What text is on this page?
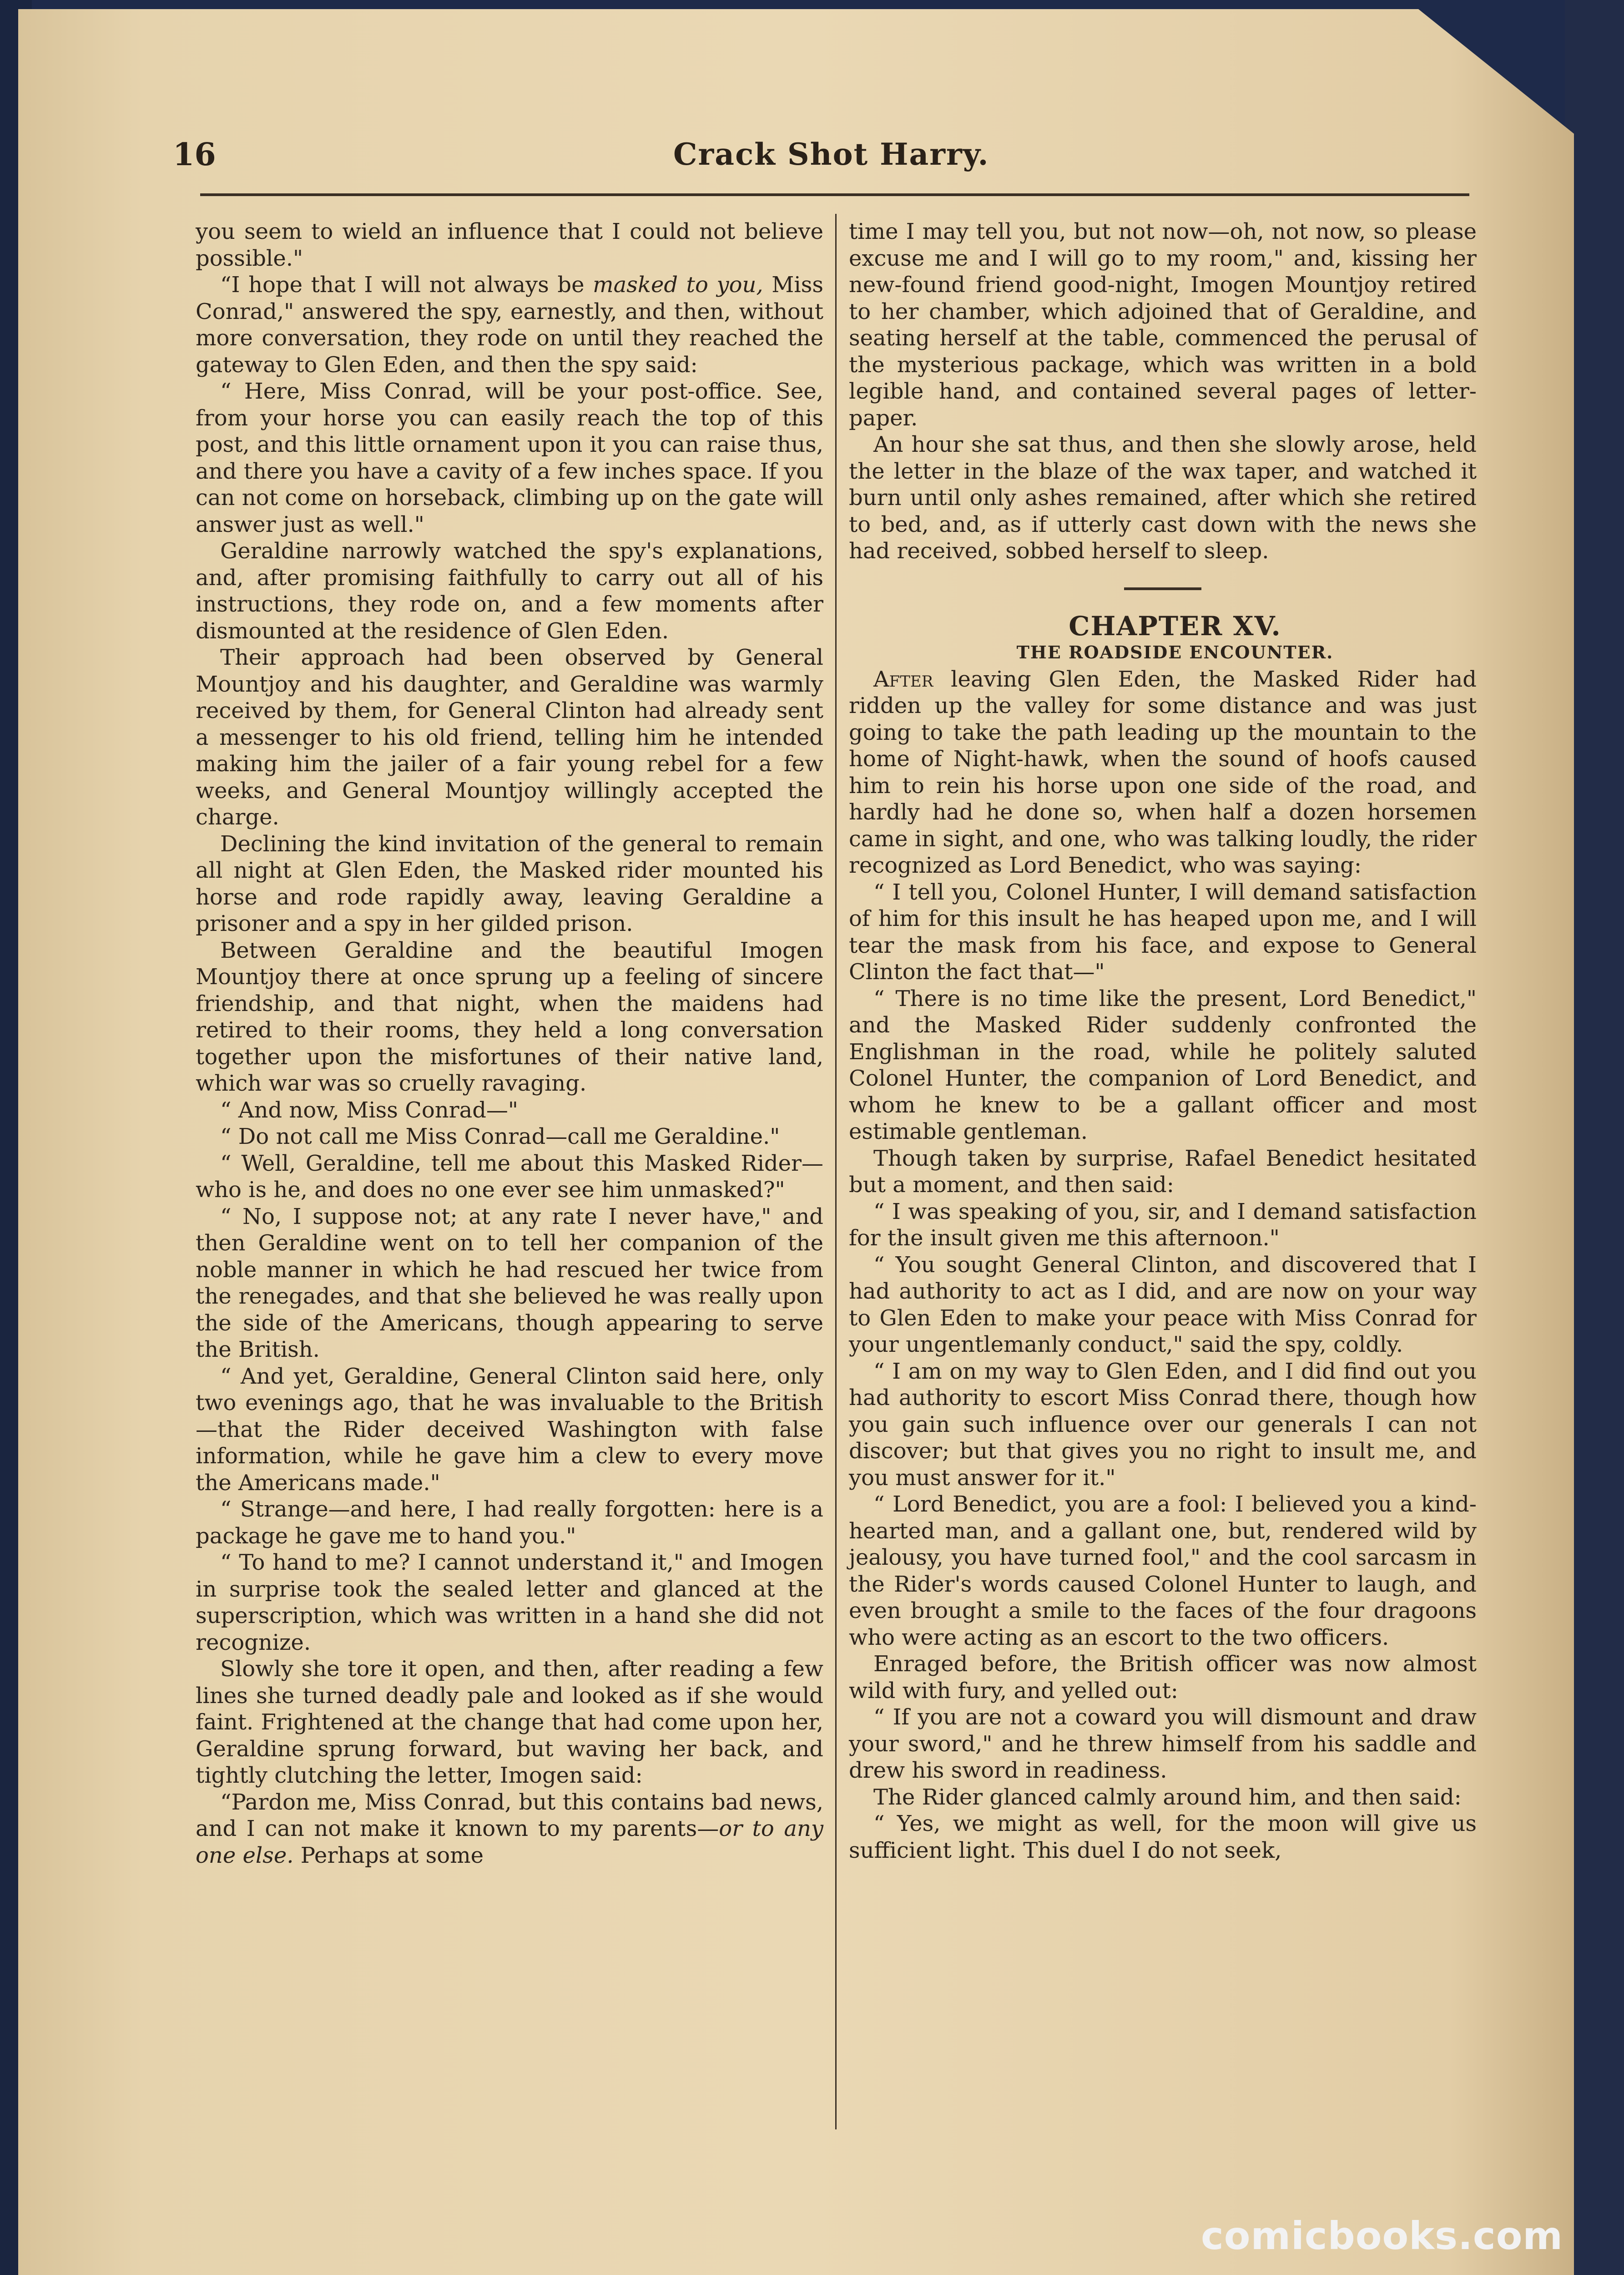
16	Crack Shot Harry.

you seem to wield an influence that I could not believe possible."

“I hope that I will not always be masked to you, Miss Conrad," answered the spy, earnestly, and then, without more conversation, they rode on until they reached the gateway to Glen Eden, and then the spy said:

“ Here, Miss Conrad, will be your post-office. See, from your horse you can easily reach the top of this post, and this little ornament upon it you can raise thus, and there you have a cavity of a few inches space. If you can not come on horseback, climbing up on the gate will answer just as well."

Geraldine narrowly watched the spy's explanations, and, after promising faithfully to carry out all of his instructions, they rode on, and a few moments after dismounted at the residence of Glen Eden.

Their approach had been observed by General Mountjoy and his daughter, and Geraldine was warmly received by them, for General Clinton had already sent a messenger to his old friend, telling him he intended making him the jailer of a fair young rebel for a few weeks, and General Mountjoy willingly accepted the charge.

Declining the kind invitation of the general to remain all night at Glen Eden, the Masked rider mounted his horse and rode rapidly away, leaving Geraldine a prisoner and a spy in her gilded prison.

Between Geraldine and the beautiful Imogen Mountjoy there at once sprung up a feeling of sincere friendship, and that night, when the maidens had retired to their rooms, they held a long conversation together upon the misfortunes of their native land, which war was so cruelly ravaging.

“ And now, Miss Conrad—"

“ Do not call me Miss Conrad—call me Geraldine."

“ Well, Geraldine, tell me about this Masked Rider—who is he, and does no one ever see him unmasked?"

“ No, I suppose not; at any rate I never have," and then Geraldine went on to tell her companion of the noble manner in which he had rescued her twice from the renegades, and that she believed he was really upon the side of the Americans, though appearing to serve the British.

“ And yet, Geraldine, General Clinton said here, only two evenings ago, that he was invaluable to the British—that the Rider deceived Washington with false information, while he gave him a clew to every move the Americans made."

“ Strange—and here, I had really forgotten: here is a package he gave me to hand you."

“ To hand to me? I cannot understand it," and Imogen in surprise took the sealed letter and glanced at the superscription, which was written in a hand she did not recognize.

Slowly she tore it open, and then, after reading a few lines she turned deadly pale and looked as if she would faint. Frightened at the change that had come upon her, Geraldine sprung forward, but waving her back, and tightly clutching the letter, Imogen said:

“Pardon me, Miss Conrad, but this contains bad news, and I can not make it known to my parents—or to any one else. Perhaps at some

time I may tell you, but not now—oh, not now, so please excuse me and I will go to my room," and, kissing her new-found friend good-night, Imogen Mountjoy retired to her chamber, which adjoined that of Geraldine, and seating herself at the table, commenced the perusal of the mysterious package, which was written in a bold legible hand, and contained several pages of letter-paper.

An hour she sat thus, and then she slowly arose, held the letter in the blaze of the wax taper, and watched it burn until only ashes remained, after which she retired to bed, and, as if utterly cast down with the news she had received, sobbed herself to sleep.

CHAPTER XV.

THE ROADSIDE ENCOUNTER.

After leaving Glen Eden, the Masked Rider had ridden up the valley for some distance and was just going to take the path leading up the mountain to the home of Night-hawk, when the sound of hoofs caused him to rein his horse upon one side of the road, and hardly had he done so, when half a dozen horsemen came in sight, and one, who was talking loudly, the rider recognized as Lord Benedict, who was saying:

“ I tell you, Colonel Hunter, I will demand satisfaction of him for this insult he has heaped upon me, and I will tear the mask from his face, and expose to General Clinton the fact that—"

“ There is no time like the present, Lord Benedict," and the Masked Rider suddenly confronted the Englishman in the road, while he politely saluted Colonel Hunter, the companion of Lord Benedict, and whom he knew to be a gallant officer and most estimable gentleman.

Though taken by surprise, Rafael Benedict hesitated but a moment, and then said:

“ I was speaking of you, sir, and I demand satisfaction for the insult given me this afternoon."

“ You sought General Clinton, and discovered that I had authority to act as I did, and are now on your way to Glen Eden to make your peace with Miss Conrad for your ungentlemanly conduct," said the spy, coldly.

“ I am on my way to Glen Eden, and I did find out you had authority to escort Miss Conrad there, though how you gain such influence over our generals I can not discover; but that gives you no right to insult me, and you must answer for it."

“ Lord Benedict, you are a fool: I believed you a kind-hearted man, and a gallant one, but, rendered wild by jealousy, you have turned fool," and the cool sarcasm in the Rider's words caused Colonel Hunter to laugh, and even brought a smile to the faces of the four dragoons who were acting as an escort to the two officers.

Enraged before, the British officer was now almost wild with fury, and yelled out:

“ If you are not a coward you will dismount and draw your sword," and he threw himself from his saddle and drew his sword in readiness.

The Rider glanced calmly around him, and then said:

“ Yes, we might as well, for the moon will give us sufficient light. This duel I do not seek,

comicbooks.com
